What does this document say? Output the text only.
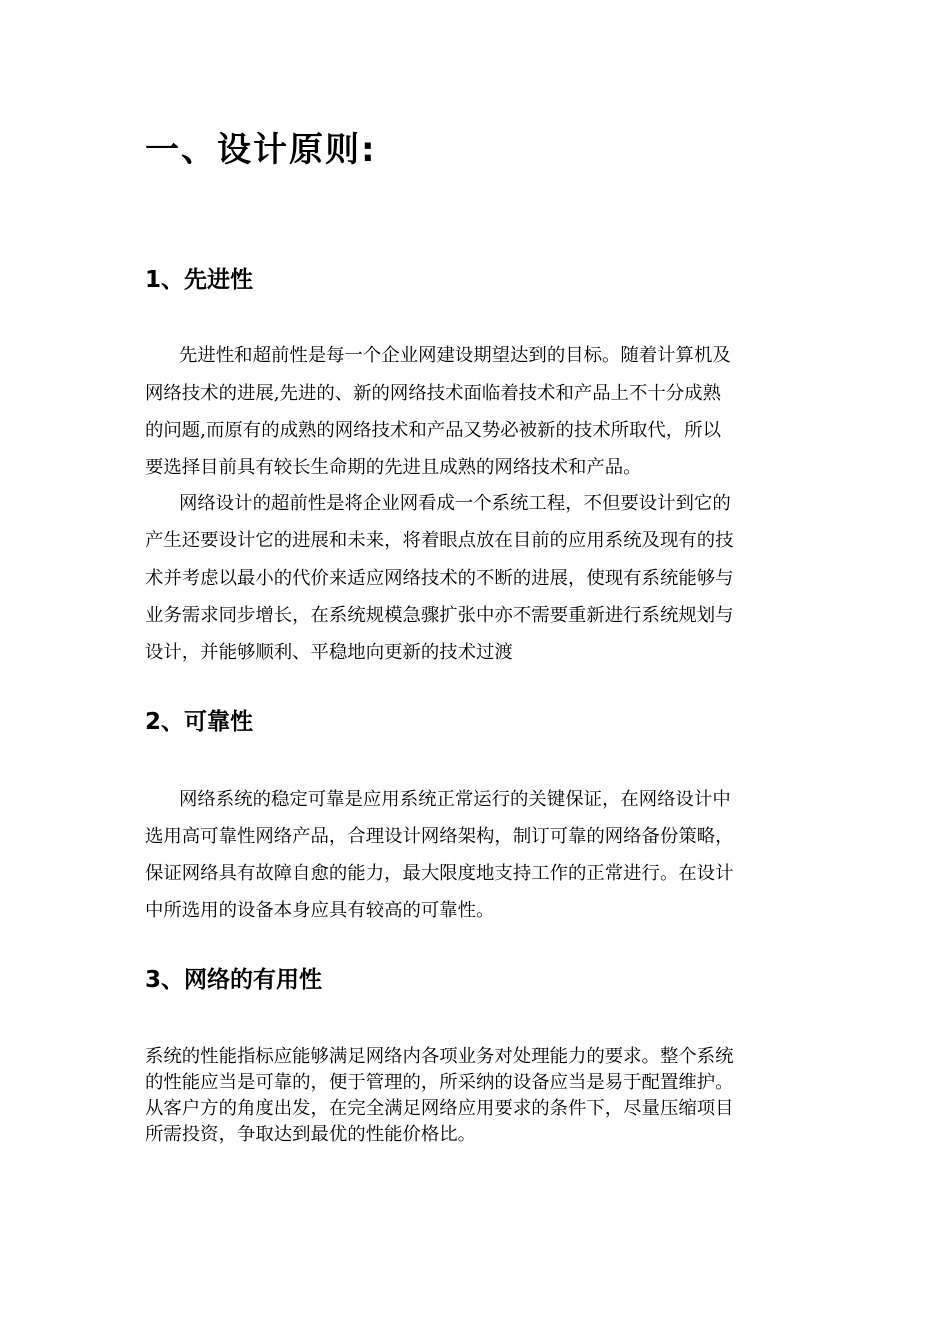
一、设计原则:
1、先进性

先进性和超前性是每一个企业网建设期望达到的目标。随着计算机及

网络技术的进展,先进的、新的网络技术面临着技术和产品上不十分成熟

的问题,而原有的成熟的网络技术和产品又势必被新的技术所取代，所以

要选择目前具有较长生命期的先进且成熟的网络技术和产品。

网络设计的超前性是将企业网看成一个系统工程，不但要设计到它的

产生还要设计它的进展和未来，将着眼点放在目前的应用系统及现有的技

术并考虑以最小的代价来适应网络技术的不断的进展，使现有系统能够与

业务需求同步增长，在系统规模急骤扩张中亦不需要重新进行系统规划与

设计，并能够顺利、平稳地向更新的技术过渡

2、可靠性

网络系统的稳定可靠是应用系统正常运行的关键保证，在网络设计中

选用高可靠性网络产品，合理设计网络架构，制订可靠的网络备份策略，

保证网络具有故障自愈的能力，最大限度地支持工作的正常进行。在设计

中所选用的设备本身应具有较高的可靠性。

3、网络的有用性

系统的性能指标应能够满足网络内各项业务对处理能力的要求。整个系统

的性能应当是可靠的，便于管理的，所采纳的设备应当是易于配置维护。

从客户方的角度出发，在完全满足网络应用要求的条件下，尽量压缩项目

所需投资，争取达到最优的性能价格比。
